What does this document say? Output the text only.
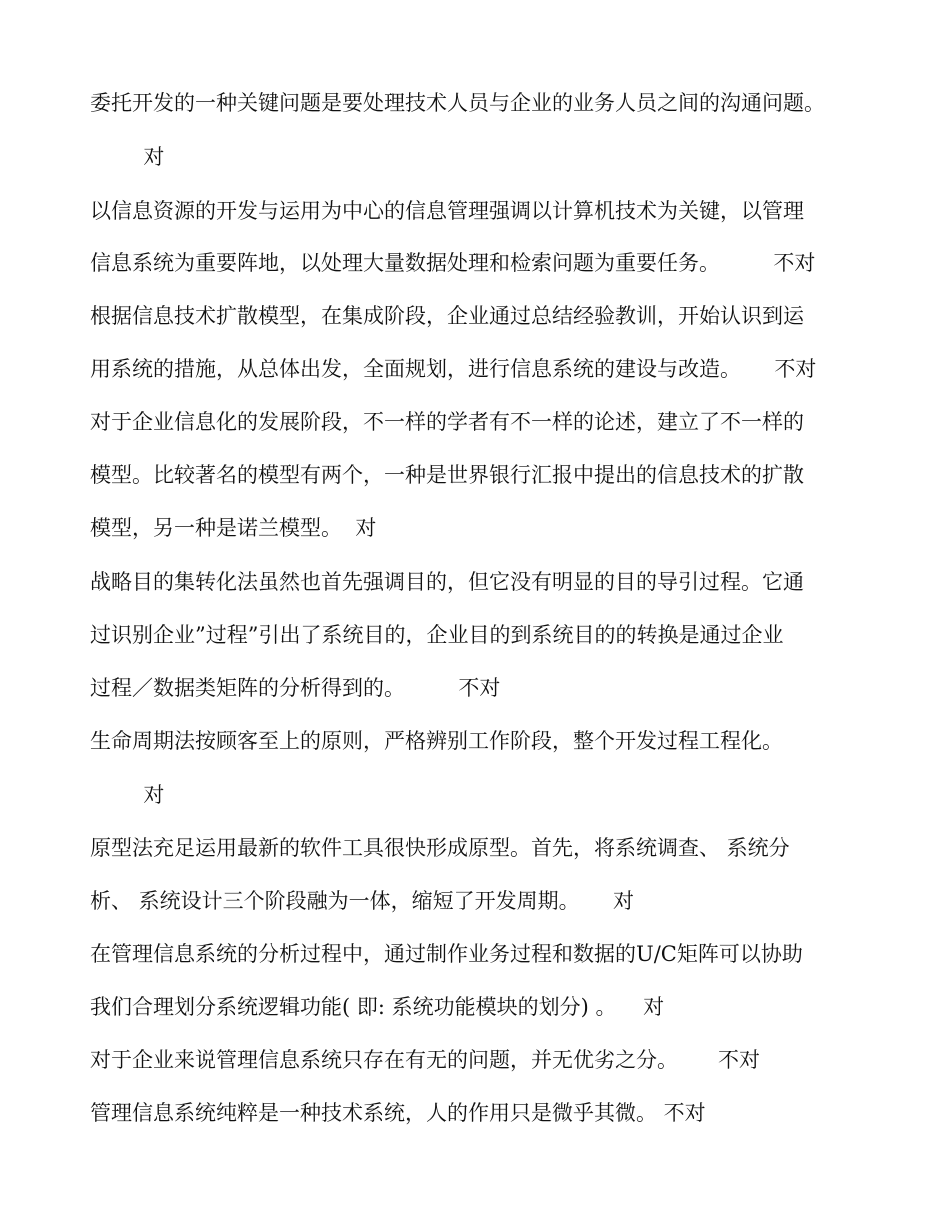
委托开发的一种关键问题是要处理技术人员与企业的业务人员之间的沟通问题。
对
以信息资源的开发与运用为中心的信息管理强调以计算机技术为关键，以管理
信息系统为重要阵地，以处理大量数据处理和检索问题为重要任务。        不对
根据信息技术扩散模型，在集成阶段，企业通过总结经验教训，开始认识到运
用系统的措施，从总体出发，全面规划，进行信息系统的建设与改造。     不对
对于企业信息化的发展阶段，不一样的学者有不一样的论述，建立了不一样的
模型。比较著名的模型有两个，一种是世界银行汇报中提出的信息技术的扩散
模型，另一种是诺兰模型。  对
战略目的集转化法虽然也首先强调目的，但它没有明显的目的导引过程。它通
过识别企业”过程”引出了系统目的，企业目的到系统目的的转换是通过企业
过程／数据类矩阵的分析得到的。        不对
生命周期法按顾客至上的原则，严格辨别工作阶段，整个开发过程工程化。
对
原型法充足运用最新的软件工具很快形成原型。首先，将系统调查、 系统分
析、 系统设计三个阶段融为一体，缩短了开发周期。     对
在管理信息系统的分析过程中，通过制作业务过程和数据的U/C矩阵可以协助
我们合理划分系统逻辑功能( 即: 系统功能模块的划分) 。    对
对于企业来说管理信息系统只存在有无的问题，并无优劣之分。      不对
管理信息系统纯粹是一种技术系统，人的作用只是微乎其微。 不对
